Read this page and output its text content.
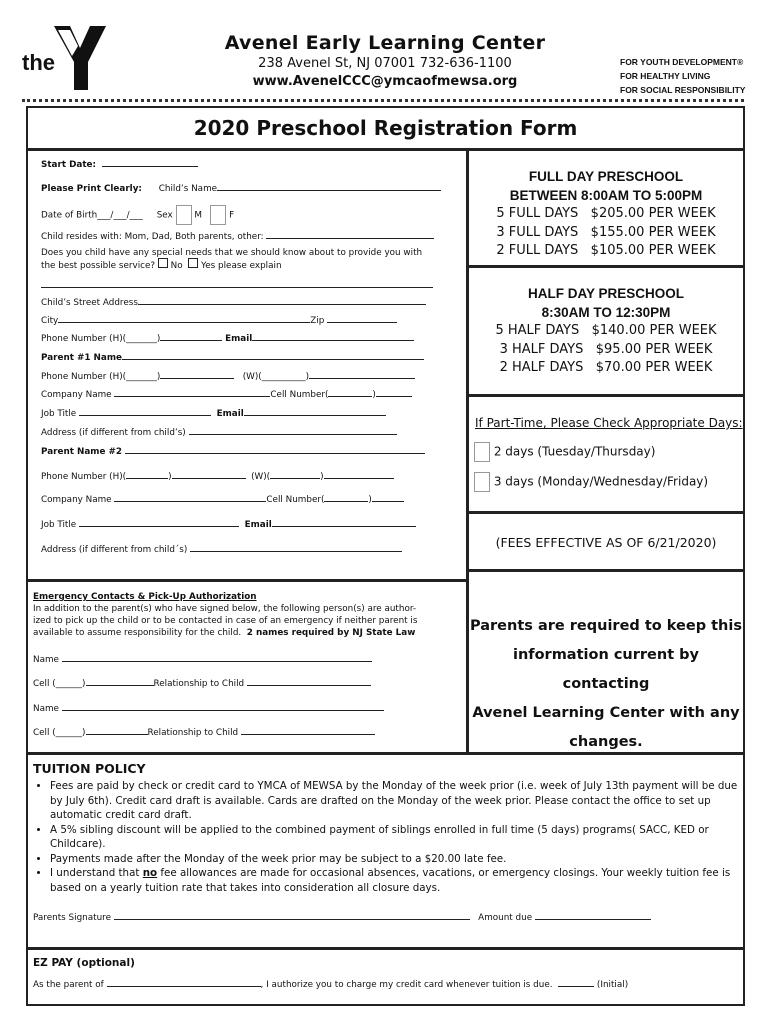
the
YMCA
Avenel Early Learning Center
238 Avenel St, NJ 07001 732-636-1100
www.AvenelCCC@ymcaofmewsa.org
FOR YOUTH DEVELOPMENT®
FOR HEALTHY LIVING
FOR SOCIAL RESPONSIBILITY
2020 Preschool Registration Form
FULL DAY PRESCHOOL
BETWEEN 8:00AM TO 5:00PM
5 FULL DAYS   $205.00 PER WEEK
3 FULL DAYS   $155.00 PER WEEK
2 FULL DAYS   $105.00 PER WEEK
HALF DAY PRESCHOOL
8:30AM TO 12:30PM
5 HALF DAYS   $140.00 PER WEEK
3 HALF DAYS   $95.00 PER WEEK
2 HALF DAYS   $70.00 PER WEEK
If Part-Time, Please Check Appropriate Days:
2 days (Tuesday/Thursday)
3 days (Monday/Wednesday/Friday)
(FEES EFFECTIVE AS OF 6/21/2020)
Parents are required to keep this
information current by contacting
Avenel Learning Center with any
changes.
Start Date:
Please Print Clearly: Child’s Name
Date of Birth___/___/___ Sex M	F
Child resides with: Mom, Dad, Both parents, other:
Does you child have any special needs that we should know about to provide you with
the best possible service? No Yes please explain
Child’s Street Address
City	Zip
Phone Number (H)(_______)	Email
Parent #1 Name
Phone Number (H)(_______)	(W)(__________)
Company Name	Cell Number(	)
Job Title	Email
Address (if different from child’s)
Parent Name #2
Phone Number (H)(	)	(W)(	)
Company Name	Cell Number(	)
Job Title	Email
Address (if different from child´s)
Emergency Contacts & Pick-Up Authorization
In addition to the parent(s) who have signed below, the following person(s) are author-
ized to pick up the child or to be contacted in case of an emergency if neither parent is
available to assume responsibility for the child. 2 names required by NJ State Law
Name
Cell (______)	Relationship to Child
Name
Cell (______)	Relationship to Child
TUITION POLICY
• Fees are paid by check or credit card to YMCA of MEWSA by the Monday of the week prior (i.e. week of July 13th payment will be due by July 6th). Credit card draft is available. Cards are drafted on the Monday of the week prior. Please contact the office to set up automatic credit card draft.
• A 5% sibling discount will be applied to the combined payment of siblings enrolled in full time (5 days) programs( SACC, KED or Childcare).
• Payments made after the Monday of the week prior may be subject to a $20.00 late fee.
• I understand that no fee allowances are made for occasional absences, vacations, or emergency closings. Your weekly tuition fee is based on a yearly tuition rate that takes into consideration all closure days.
Parents Signature	Amount due
EZ PAY (optional)
As the parent of	, I authorize you to charge my credit card whenever tuition is due.	(Initial)
